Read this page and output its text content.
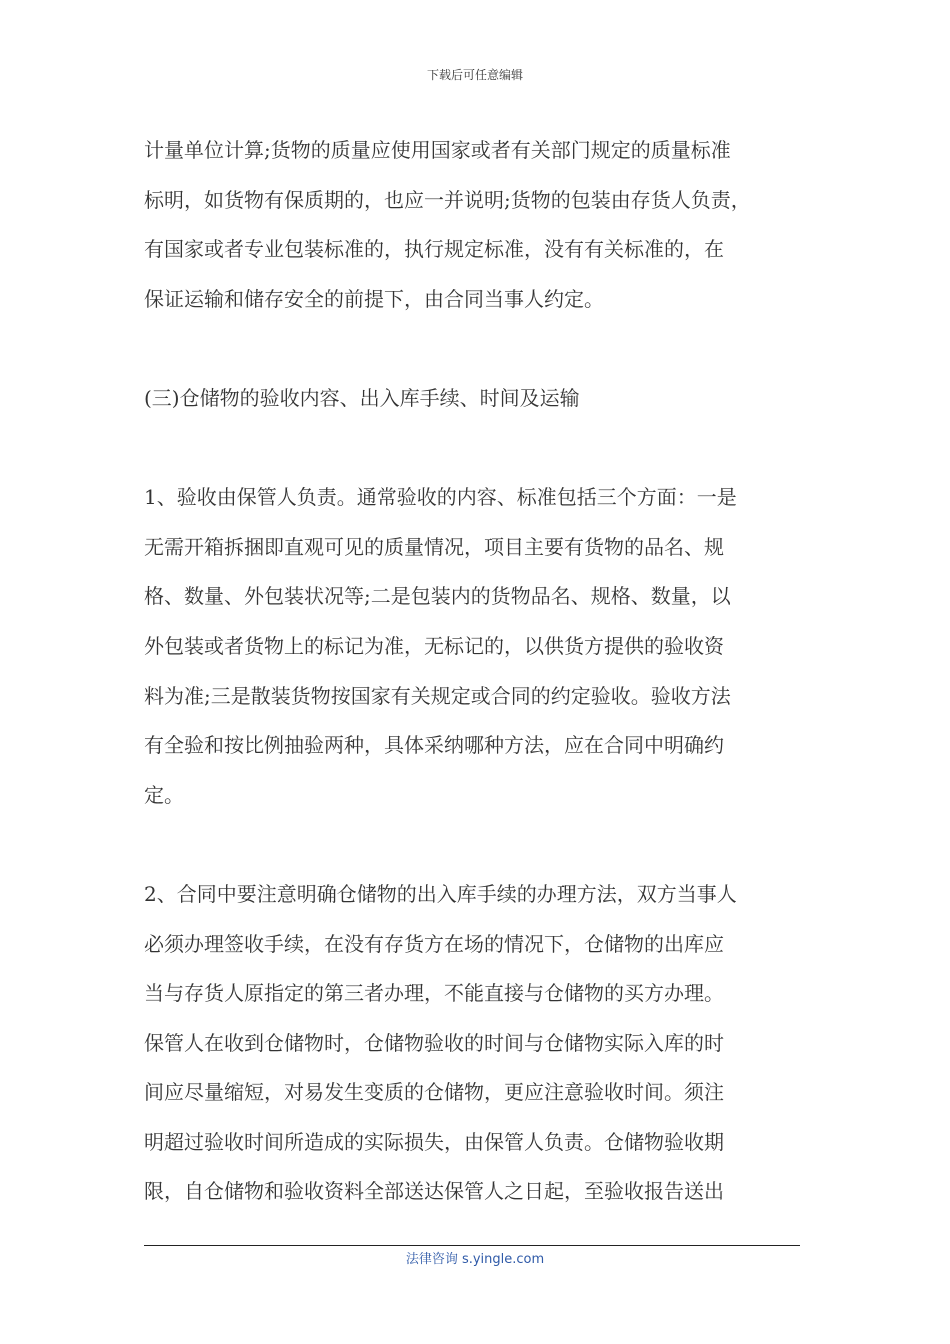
下载后可任意编辑
计量单位计算;货物的质量应使用国家或者有关部门规定的质量标准
标明，如货物有保质期的，也应一并说明;货物的包装由存货人负责，
有国家或者专业包装标准的，执行规定标准，没有有关标准的，在
保证运输和储存安全的前提下，由合同当事人约定。
(三)仓储物的验收内容、出入库手续、时间及运输
1、验收由保管人负责。通常验收的内容、标准包括三个方面：一是
无需开箱拆捆即直观可见的质量情况，项目主要有货物的品名、规
格、数量、外包装状况等;二是包装内的货物品名、规格、数量，以
外包装或者货物上的标记为准，无标记的，以供货方提供的验收资
料为准;三是散装货物按国家有关规定或合同的约定验收。验收方法
有全验和按比例抽验两种，具体采纳哪种方法，应在合同中明确约
定。
2、合同中要注意明确仓储物的出入库手续的办理方法，双方当事人
必须办理签收手续，在没有存货方在场的情况下，仓储物的出库应
当与存货人原指定的第三者办理，不能直接与仓储物的买方办理。
保管人在收到仓储物时，仓储物验收的时间与仓储物实际入库的时
间应尽量缩短，对易发生变质的仓储物，更应注意验收时间。须注
明超过验收时间所造成的实际损失，由保管人负责。仓储物验收期
限，自仓储物和验收资料全部送达保管人之日起，至验收报告送出
法律咨询 s.yingle.com
